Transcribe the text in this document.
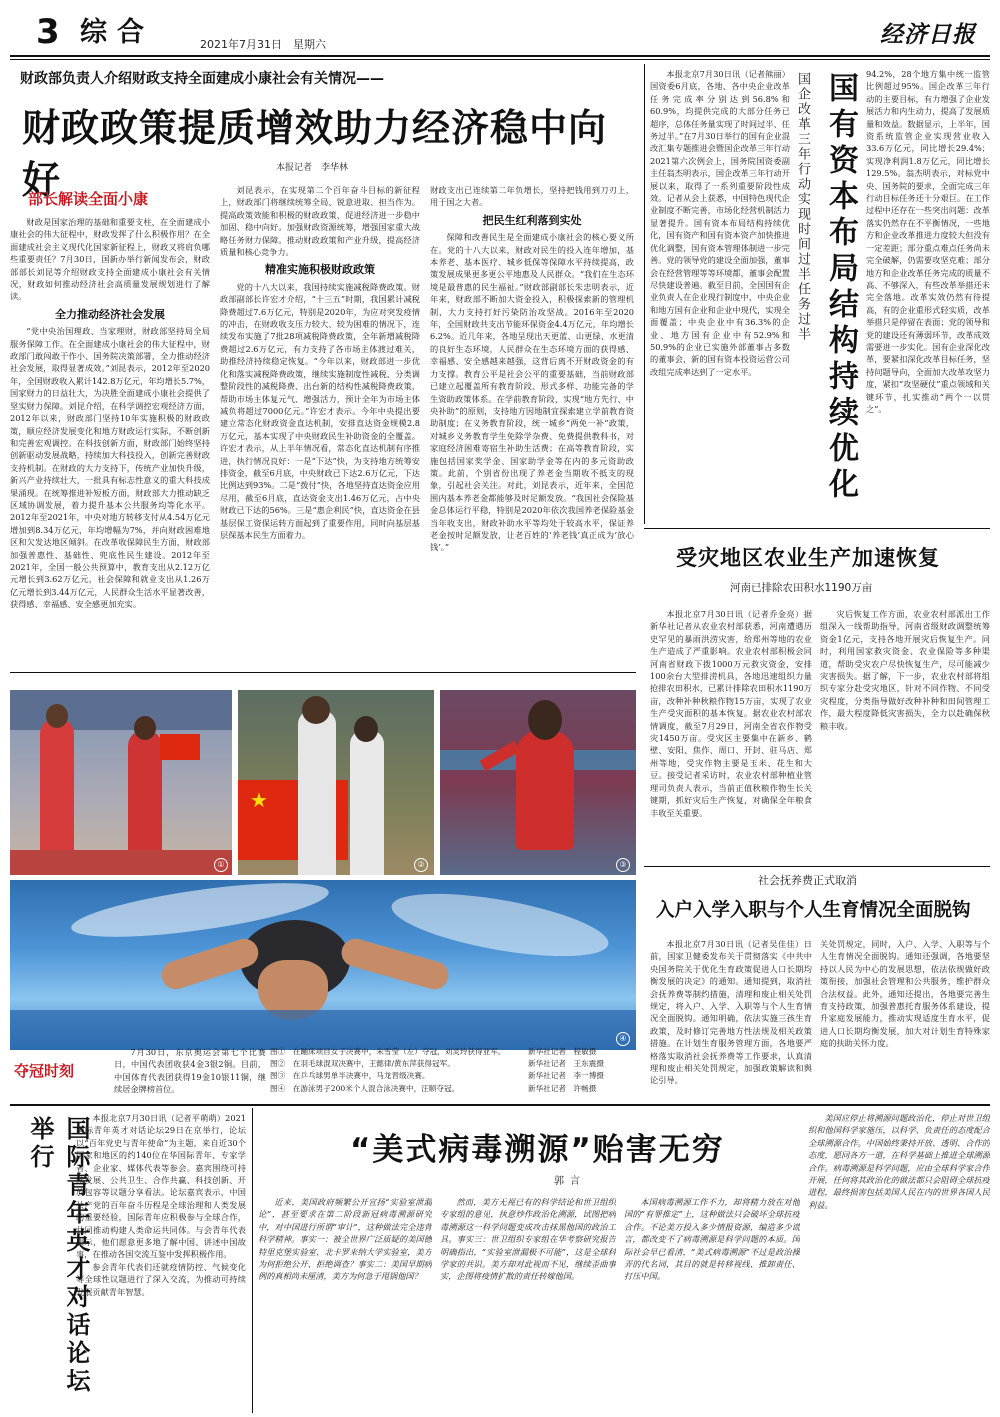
3 综合	2021年7月31日　星期六	经济日报
财政部负责人介绍财政支持全面建成小康社会有关情况——
财政政策提质增效助力经济稳中向好	本报记者　李华林
部长解读全面小康

财政是国家治理的基础和重要支柱，在全面建成小康社会的伟大征程中，财政发挥了什么积极作用？在全面建成社会主义现代化国家新征程上，财政又将肩负哪些重要责任？7月30日，国新办举行新闻发布会，财政部部长刘昆等介绍财政支持全面建成小康社会有关情况，财政如何推动经济社会高质量发展规划进行了解读。

全力推动经济社会发展

“党中央治国理政、当家理财，财政部坚持局全局服务保障工作。在全面建成小康社会的伟大征程中，财政部门敢闯敢干作小、国务院决策部署，全力推动经济社会发展，取得显著成效。”刘昆表示，2012年至2020年，全国财政收入累计142.8万亿元，年均增长5.7%，国家财力的日益壮大，为决胜全面建成小康社会提供了坚实财力保障。刘昆介绍，在科学调控宏观经济方面，2012年以来，财政部门坚持10年实施积极的财政政策，顺应经济发展变化和地方财政运行实际，不断创新和完善宏观调控。在科技创新方面，财政部门始终坚持创新驱动发展战略，持续加大科技投入，创新完善财政支持机制。在财政的大力支持下，传统产业加快升级，新兴产业持续壮大，一批具有标志性意义的重大科技成果涌现。在统筹推进补短板方面，财政部大力推动缺乏区域协调发展，着力提升基本公共服务均等化水平。2012年至2021年，中央对地方转移支付从4.54万亿元增加到8.34万亿元，年均增幅为7%，并向财政困难地区和欠发达地区倾斜。在改革收保障民生方面，财政部加强普惠性、基础性、兜底性民生建设。2012年至2021年，全国一般公共预算中，教育支出从2.12万亿元增长到3.62万亿元，社会保障和就业支出从1.26万亿元增长到3.44万亿元，人民群众生活水平显著改善，获得感、幸福感、安全感更加充实。

刘昆表示，在实现第二个百年奋斗目标的新征程上，财政部门将继续统筹全局、锐意进取、担当作为。提高政策效能和积极的财政政策，促进经济进一步稳中加固、稳中向好。加强财政资源统筹，增强国家重大战略任务财力保障。推动财政政策和产业升级，提高经济质量和核心竞争力。

精准实施积极财政政策

党的十八大以来，我国持续实施减税降费政策。财政部副部长许宏才介绍，“十三五”时期，我国累计减税降费超过7.6万亿元，特别是2020年，为应对突发疫情的冲击，在财政收支压力较大、较为困难的情况下，连续发布实施了7批28项减税降费政策，全年新增减税降费超过2.6万亿元，有力支持了各市场主体渡过难关，助推经济持续稳定恢复。“今年以来，财政部进一步优化和落实减税降费政策，继续实施制度性减税、分类调整阶段性的减税降费、出台新的结构性减税降费政策，帮助市场主体复元气、增强活力，预计全年为市场主体减负将超过7000亿元。”许宏才表示。今年中央提出要建立常态化财政资金直达机制，安排直达资金规模2.8万亿元，基本实现了中央财政民生补助资金的全覆盖。许宏才表示，从上半年情况看，常态化直达机制有序推进，执行情况良好：一是“下达”快，为支持地方统筹安排资金，截至6月底，中央财政已下达2.6万亿元，下达比例达到93%。二是“拨付”快，各地坚持直达资金应用尽用，截至6月底，直达资金支出1.46万亿元，占中央财政已下达的56%。三是“惠企利民”快，直达资金在县基层保工资保运转方面起到了重要作用，同时向基层基层保基本民生方面着力。

财政支出已连续第二年负增长，坚持把钱用到刀刃上，用于国之大者。

把民生红利落到实处

保障和改善民生是全面建成小康社会的核心要义所在。党的十八大以来，财政对民生的投入连年增加，基本养老、基本医疗、城乡低保等保障水平持续提高，政策发展成果更多更公平地惠及人民群众。“我们在生态环境是最普惠的民生福祉。”财政部副部长朱忠明表示，近年来，财政部不断加大资金投入，积极探索新的管理机制，大力支持打好污染防治攻坚战。2016年至2020年，全国财政共支出节能环保资金4.4万亿元，年均增长6.2%。近几年来，各地呈现出天更蓝、山更绿、水更清的良好生态环境，人民群众在生态环境方面的获得感、幸福感、安全感越来越强，这背后离不开财政资金的有力支撑。教育公平是社会公平的重要基础，当前财政部已建立起覆盖所有教育阶段、形式多样、功能完备的学生资助政策体系。在学前教育阶段，实现“地方先行、中央补助”的原则，支持地方因地制宜探索建立学前教育资助制度；在义务教育阶段，统一城乡“两免一补”政策，对城乡义务教育学生免除学杂费、免费提供教科书，对家庭经济困难寄宿生补助生活费；在高等教育阶段，实施包括国家奖学金、国家助学金等在内的多元资助政策。此前，个别省份出现了养老金当期收不抵支的现象，引起社会关注。对此，刘昆表示，近年来，全国范围内基本养老金都能够及时足额发放。“我国社会保险基金总体运行平稳，特别是2020年依次我国养老保险基金当年收支出，财政补助水平等均处于较高水平，保证养老金按时足额发放，让老百姓的‘养老钱’真正成为‘放心钱’。”

本报北京7月30日讯（记者熊丽）国资委6月底，各地、各中央企业改革任务完成率分别达到56.8%和60.9%，均提供完成的大部分任务已超序，总体任务量实现了时间过半、任务过半。”在7月30日举行的国有企业混改汇集专题推进会暨国企改革三年行动2021第六次例会上，国务院国资委副主任翁杰明表示，国企改革三年行动开展以来，取得了一系列重要阶段性成效。记者从会上获悉，中国特色现代企业制度不断完善，市场化经营机制活力显著提升。国有资本布局结构持续优化，国有资产和国有资本资产加快推进优化调整，国有资本管理体制进一步完善。党的领导党的建设全面加强，董事会在经营管理等等环境都，董事会配置尽快建设普遍。截至目前，全国国有企业负责人在企业现行制度中，中央企业和地方国有企业和企业中现代，实现全面覆盖；中央企业中有36.3%的企业、地方国有企业中有52.9%和50.9%的企业已实施外部董事占多数的董事会，新的国有资本投资运营公司改组完成率达到了一定水平。

国企改革三年行动实现时间过半任务过半 国有资本布局结构持续优化 94.2%，28个地方集中统一监管比例超过95%。国企改革三年行动的主要目标，有力增强了企业发展活力和内生动力，提高了发展质量和效益。数据显示，上半年，国资系统监管企业实现营业收入33.6万亿元，同比增长29.4%；实现净利润1.8万亿元，同比增长129.5%。翁杰明表示，对标党中央、国务院的要求，全面完成三年行动目标任务还十分艰巨。在工作过程中还存在一些突出问题：改革落实仍然存在不平衡情况，一些地方和企业改革推进力度较大但没有一定差距；部分重点难点任务尚未完全破解，仍需要攻坚克难；部分地方和企业改革任务完成的质量不高、不够深入，有些改革举措还未完全落地。改革实效仍然有待提高，有的企业重形式轻实质，改革举措只是停留在表面；党的领导和党的建设还有薄弱环节，改革成效需要进一步实化。国有企业深化改革，要紧扣深化改革目标任务，坚持问题导向，全面加大改革攻坚力度，紧扣“攻坚硬仗”重点领域和关键环节，扎实推动“两个一以贯之”。

受灾地区农业生产加速恢复
河南已排除农田积水1190万亩

本报北京7月30日讯（记者乔金亮）据新华社记者从农业农村部获悉，河南遭遇历史罕见的暴雨洪涝灾害，给郑州等地的农业生产造成了严重影响。农业农村部积极会同河南省财政下拨1000万元救灾资金，安排100余台大型排涝机具，各地迅速组织力量抢排农田积水，已累计排除农田积水1190万亩，改种补种秋粮作物15万亩，实现了农业生产受灾面积的基本恢复。据农业农村部农情调度，截至7月29日，河南全省农作物受灾1450万亩。受灾区主要集中在新乡、鹤壁、安阳、焦作、周口、开封、驻马店、郑州等地，受灾作物主要是玉米、花生和大豆。接受记者采访时，农业农村部种植业管理司负责人表示，当前正值秋粮作物生长关键期，抓好灾后生产恢复，对确保全年粮食丰收至关重要。

灾后恢复工作方面，农业农村部派出工作组深入一线帮助指导，河南省级财政调整统筹资金1亿元，支持各地开展灾后恢复生产。同时，利用国家救灾资金、农业保险等多种渠道，帮助受灾农户尽快恢复生产，尽可能减少灾害损失。据了解，下一步，农业农村部将组织专家分赴受灾地区，针对不同作物、不同受灾程度，分类指导做好改种补种和田间管理工作，最大程度降低灾害损失，全力以赴确保秋粮丰收。

社会抚养费正式取消
入户入学入职与个人生育情况全面脱钩

本报北京7月30日讯（记者吴佳佳）日前，国家卫健委发布关于贯彻落实《中共中央国务院关于优化生育政策促进人口长期均衡发展的决定》的通知。通知提到，取消社会抚养费等制约措施，清理和废止相关处罚规定，将入户、入学、入职等与个人生育情况全面脱钩。通知明确，依法实施三孩生育政策，及时修订完善地方性法规及相关政策措施。在计划生育服务管理方面，各地要严格落实取消社会抚养费等工作要求，认真清理和废止相关处罚规定，加强政策解读和舆论引导。

关处罚规定，同时，入户、入学、入职等与个人生育情况全面脱钩。通知还强调，各地要坚持以人民为中心的发展思想，依法依规做好政策衔接，加强社会管理和公共服务，维护群众合法权益。此外，通知还提出，各地要完善生育支持政策，加强普惠托育服务体系建设，提升家庭发展能力，推动实现适度生育水平，促进人口长期均衡发展，加大对计划生育特殊家庭的扶助关怀力度。

①
★
②	③
④
夺冠时刻

7月30日，东京奥运会第七个比赛日，中国代表团收获4金3银2铜。目前，中国体育代表团获得19金10银11铜，继续居金牌榜首位。

图①　在蹦床项目女子决赛中，朱雪莹（左）夺冠，刘灵玲获得亚军。
图②　在羽毛球混双决赛中，王懿律/黄东萍获得冠军。
图③　在乒乓球男单半决赛中，马龙晋级决赛。
图④　在游泳男子200米个人混合泳决赛中，汪顺夺冠。
新华社记者　程敏摄
新华社记者　王东震摄
新华社记者　李一博摄
新华社记者　许畅摄
国际青年英才对话论坛举行	本报北京7月30日讯（记者平萌萌）2021国际青年英才对话论坛29日在京举行，论坛以“百年党史与青年使命”为主题，来自近30个国家和地区的约140位在华国际青年、专家学者、企业家、媒体代表等参会。嘉宾围绕可持续发展、公共卫生、合作共赢、科技创新、开放包容等议题分享看法。论坛嘉宾表示，中国共产党的百年奋斗历程是全球治理和人类发展的重要经验，国际青年应积极参与全球合作，共同推动构建人类命运共同体。与会青年代表表示，他们愿意更多地了解中国、讲述中国故事，在推动各国交流互鉴中发挥积极作用。

参会青年代表们还就疫情防控、气候变化等全球性议题进行了深入交流，为推动可持续发展贡献青年智慧。

“美式病毒溯源”贻害无穷
郭言

近来，美国政府频繁公开宣扬“实验室泄漏论”，甚至要求在第二阶段新冠病毒溯源研究中，对中国进行所谓“审计”，这种做法完全违背科学精神。事实一：被全世界广泛质疑的美国德特里克堡实验室、北卡罗来纳大学实验室，美方为何拒绝公开、拒绝调查？事实二：美国早期病例的真相尚未厘清，美方为何急于甩锅他国？

然而，美方无视已有的科学结论和世卫组织专家组的意见，执意炒作政治化溯源，试图把病毒溯源这一科学问题变成攻击抹黑他国的政治工具。事实三：世卫组织专家组在华考察研究报告明确指出，“实验室泄漏极不可能”，这是全球科学家的共识。美方却对此视而不见，继续歪曲事实，企图将疫情扩散的责任转嫁他国。

本国病毒溯源工作不力，却将精力放在对他国的“有罪推定”上，这种做法只会破坏全球抗疫合作。不论美方投入多少情报资源、编造多少谎言，都改变不了病毒溯源是科学问题的本质。国际社会早已看清，“美式病毒溯源”不过是政治操弄的代名词，其目的就是转移视线、推卸责任、打压中国。

美国应停止将溯源问题政治化，停止对世卫组织和他国科学家施压，以科学、负责任的态度配合全球溯源合作。中国始终秉持开放、透明、合作的态度，愿同各方一道，在科学基础上推进全球溯源合作。病毒溯源是科学问题，应由全球科学家合作开展，任何将其政治化的做法都只会阻碍全球抗疫进程，最终损害包括美国人民在内的世界各国人民利益。
